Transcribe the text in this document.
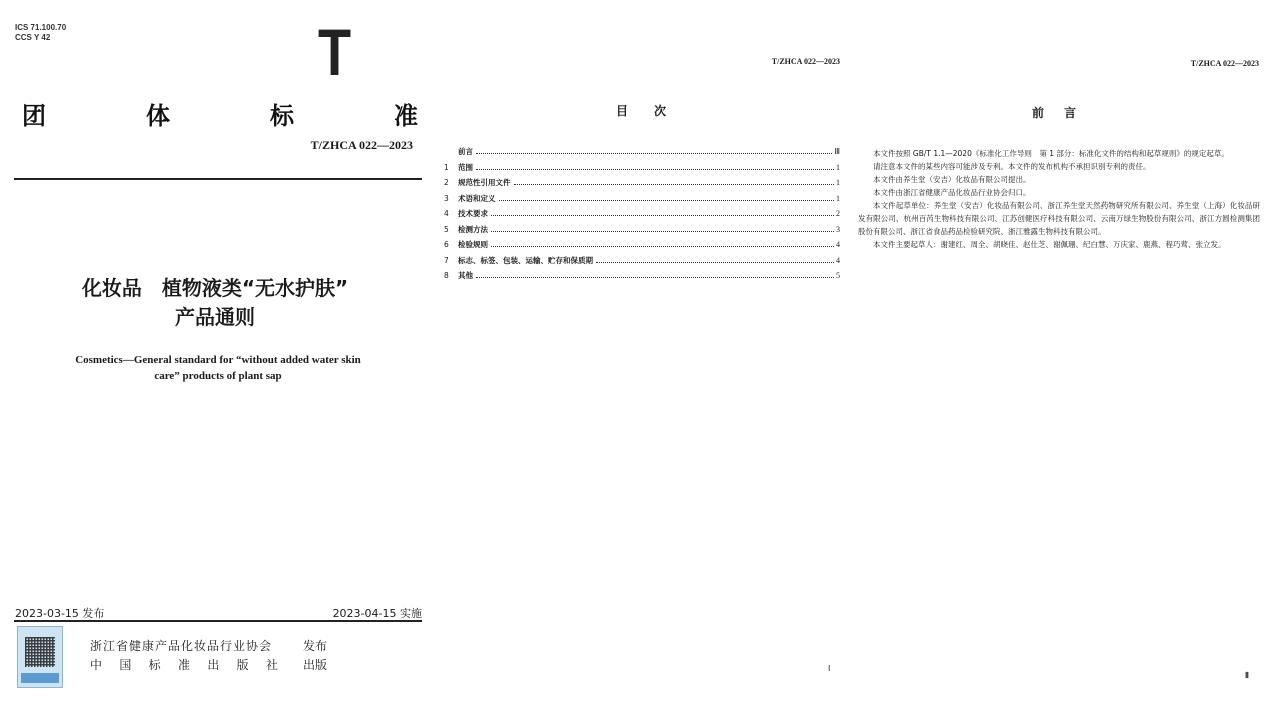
ICS 71.100.70
CCS Y 42	T
团	体	标	准
T/ZHCA 022—2023
化妆品　植物液类“无水护肤”
产品通则
Cosmetics—General standard for “without added water skin
care” products of plant sap
2023-03-15 发布	2023-04-15 实施
浙江省健康产品化妆品行业协会	发布
中 国 标 准 出 版 社 出版
T/ZHCA 022—2023
目次
前言	Ⅲ
1	范围	1
2	规范性引用文件	1
3	术语和定义	1
4	技术要求	2
5	检测方法	3
6	检验规则	4
7	标志、标签、包装、运输、贮存和保质期	4
8	其他	5
Ⅰ
T/ZHCA 022—2023
前言

本文件按照 GB/T 1.1—2020《标准化工作导则　第 1 部分：标准化文件的结构和起草规则》的规定起草。

请注意本文件的某些内容可能涉及专利。本文件的发布机构不承担识别专利的责任。

本文件由养生堂（安吉）化妆品有限公司提出。

本文件由浙江省健康产品化妆品行业协会归口。

本文件起草单位：养生堂（安吉）化妆品有限公司、浙江养生堂天然药物研究所有限公司、养生堂（上海）化妆品研发有限公司、杭州百芮生物科技有限公司、江苏创健医疗科技有限公司、云南万绿生物股份有限公司、浙江方圆检测集团股份有限公司、浙江省食品药品检验研究院、浙江雅露生物科技有限公司。

本文件主要起草人：谢建红、周全、胡晓佳、赵仕芝、谢佩珊、纪白慧、万庆家、鹿燕、程巧莺、张立发。

Ⅱ
